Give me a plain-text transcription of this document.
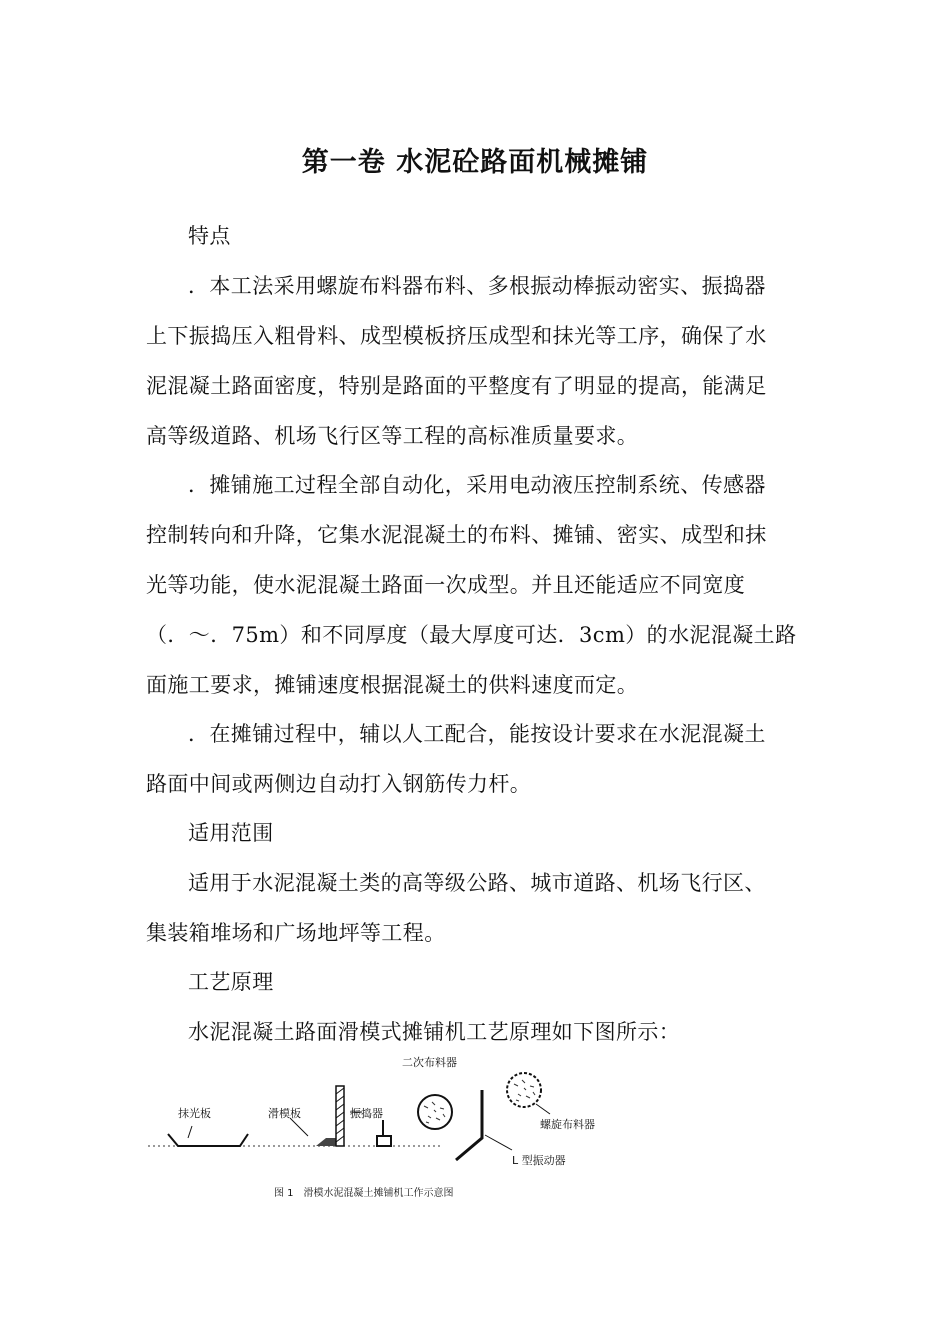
第一卷 水泥砼路面机械摊铺
特点
．本工法采用螺旋布料器布料、多根振动棒振动密实、振捣器
上下振捣压入粗骨料、成型模板挤压成型和抹光等工序，确保了水
泥混凝土路面密度，特别是路面的平整度有了明显的提高，能满足
高等级道路、机场飞行区等工程的高标准质量要求。
．摊铺施工过程全部自动化，采用电动液压控制系统、传感器
控制转向和升降，它集水泥混凝土的布料、摊铺、密实、成型和抹
光等功能，使水泥混凝土路面一次成型。并且还能适应不同宽度
（．～．75m）和不同厚度（最大厚度可达．3cm）的水泥混凝土路
面施工要求，摊铺速度根据混凝土的供料速度而定。
．在摊铺过程中，辅以人工配合，能按设计要求在水泥混凝土
路面中间或两侧边自动打入钢筋传力杆。
适用范围
适用于水泥混凝土类的高等级公路、城市道路、机场飞行区、
集装箱堆场和广场地坪等工程。
工艺原理
水泥混凝土路面滑模式摊铺机工艺原理如下图所示：
抹光板	滑模板	振捣器
二次布料器
L 型振动器
螺旋布料器
图 1　滑模水泥混凝土摊铺机工作示意图
